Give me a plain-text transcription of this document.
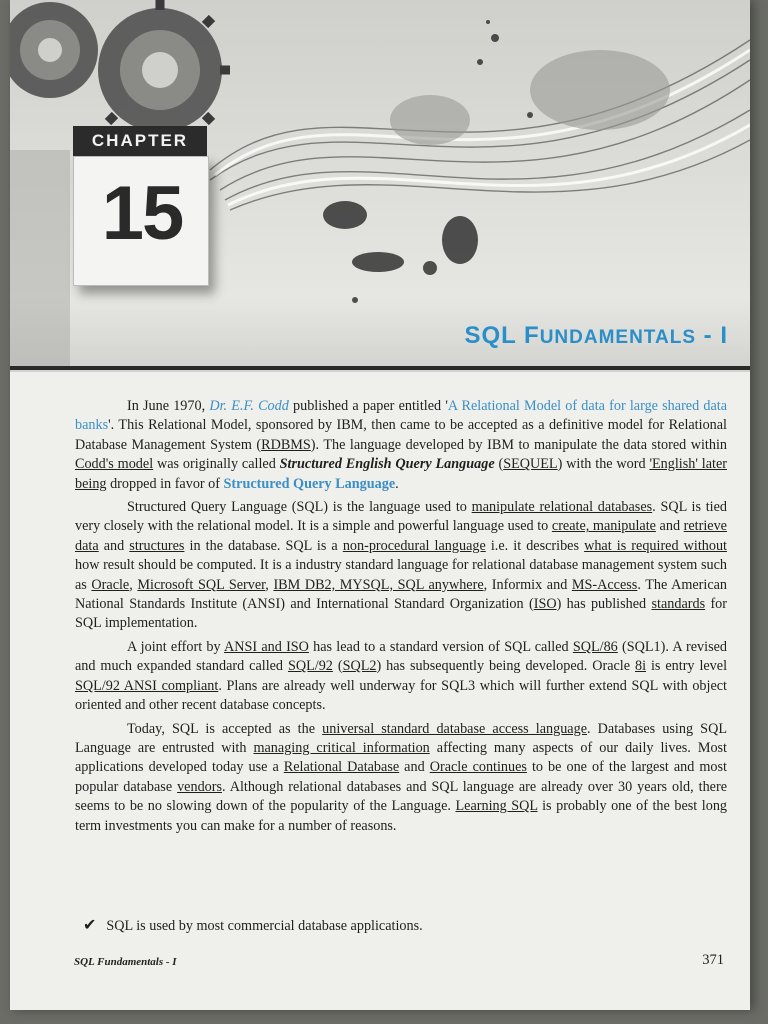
CHAPTER
15
SQL FUNDAMENTALS - I

In June 1970, Dr. E.F. Codd published a paper entitled 'A Relational Model of data for large shared data banks'. This Relational Model, sponsored by IBM, then came to be accepted as a definitive model for Relational Database Management System (RDBMS). The language developed by IBM to manipulate the data stored within Codd's model was originally called Structured English Query Language (SEQUEL) with the word 'English' later being dropped in favor of Structured Query Language.

Structured Query Language (SQL) is the language used to manipulate relational databases. SQL is tied very closely with the relational model. It is a simple and powerful language used to create, manipulate and retrieve data and structures in the database. SQL is a non-procedural language i.e. it describes what is required without how result should be computed. It is a industry standard language for relational database management system such as Oracle, Microsoft SQL Server, IBM DB2, MYSQL, SQL anywhere, Informix and MS-Access. The American National Standards Institute (ANSI) and International Standard Organization (ISO) has published standards for SQL implementation.

A joint effort by ANSI and ISO has lead to a standard version of SQL called SQL/86 (SQL1). A revised and much expanded standard called SQL/92 (SQL2) has subsequently being developed. Oracle 8i is entry level SQL/92 ANSI compliant. Plans are already well underway for SQL3 which will further extend SQL with object oriented and other recent database concepts.

Today, SQL is accepted as the universal standard database access language. Databases using SQL Language are entrusted with managing critical information affecting many aspects of our daily lives. Most applications developed today use a Relational Database and Oracle continues to be one of the largest and most popular database vendors. Although relational databases and SQL language are already over 30 years old, there seems to be no slowing down of the popularity of the Language. Learning SQL is probably one of the best long term investments you can make for a number of reasons.

✔ SQL is used by most commercial database applications.
SQL Fundamentals - I	371
